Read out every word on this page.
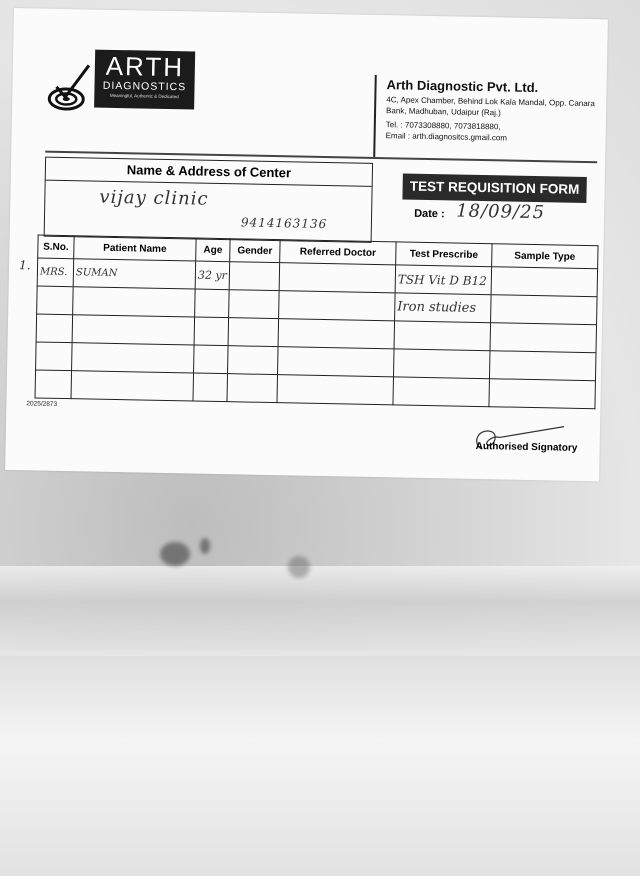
ARTH
DIAGNOSTICS
Meaningful, Authentic & Dedicated
Arth Diagnostic Pvt. Ltd.
4C, Apex Chamber, Behind Lok Kala Mandal, Opp. Canara Bank, Madhuban, Udaipur (Raj.)
Tel. : 7073308880, 7073818880,
Email : arth.diagnositcs.gmail.com
Name & Address of Center
vijay clinic
9414163136
TEST REQUISITION FORM
Date : 18/09/25
1.
S.No.	Patient Name	Age	Gender	Referred Doctor	Test Prescribe	Sample Type
MRS.	SUMAN	32 yr			TSH Vit D B12	
					Iron studies	

2025/2873
Authorised Signatory
